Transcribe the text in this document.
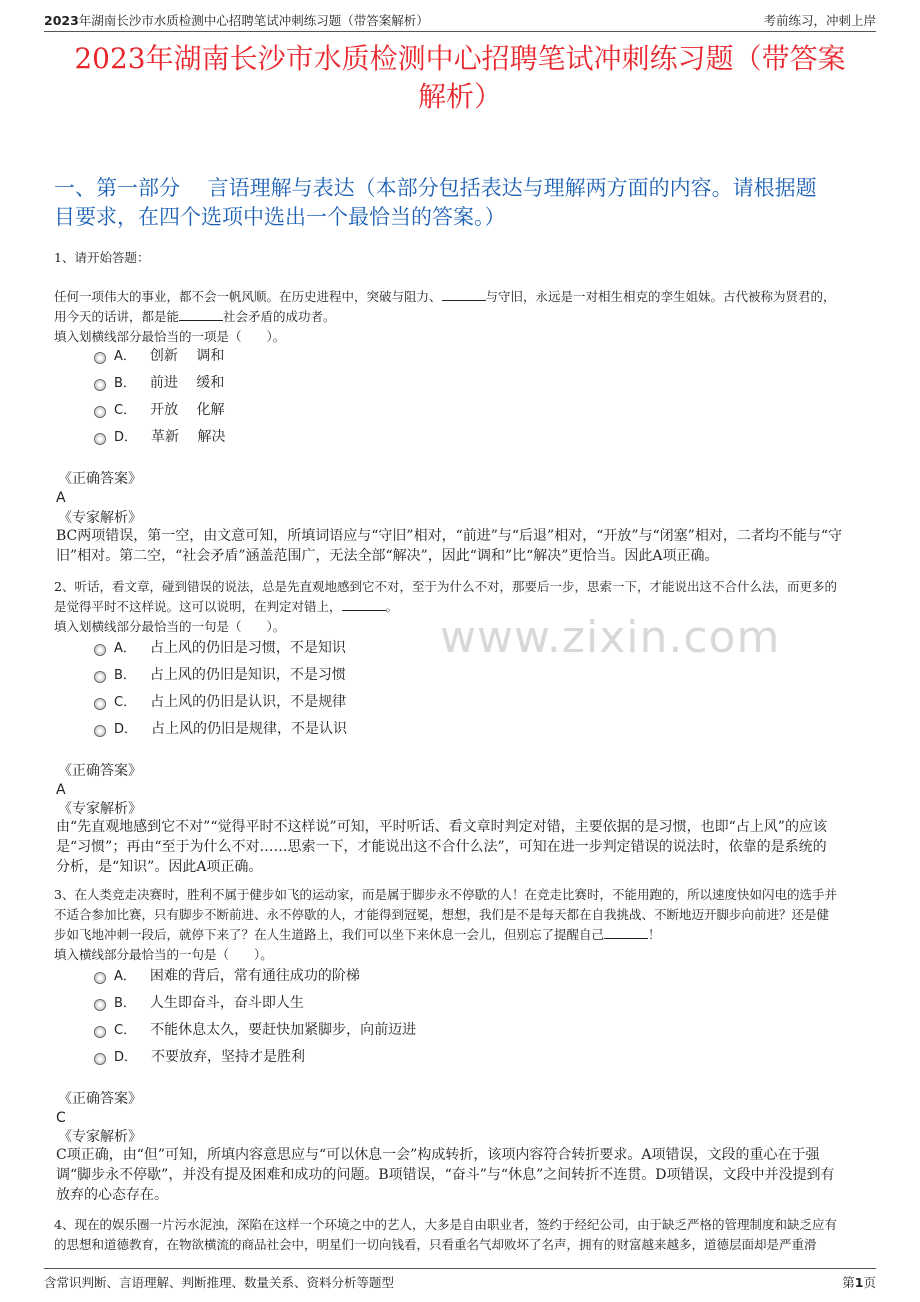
2023年湖南长沙市水质检测中心招聘笔试冲刺练习题（带答案解析）	考前练习，冲刺上岸
2023年湖南长沙市水质检测中心招聘笔试冲刺练习题（带答案
解析）
一、第一部分　 言语理解与表达（本部分包括表达与理解两方面的内容。请根据题
目要求，在四个选项中选出一个最恰当的答案。）
1、请开始答题：

任何一项伟大的事业，都不会一帆风顺。在历史进程中，突破与阻力、	与守旧，永远是一对相生相克的孪生姐妹。古代被称为贤君的，

用今天的话讲，都是能	社会矛盾的成功者。

填入划横线部分最恰当的一项是（　　）。

A． 创新　 调和
B． 前进　 缓和
C． 开放　 化解
D． 革新　 解决
《正确答案》
A
《专家解析》
BC两项错误，第一空，由文意可知，所填词语应与“守旧”相对，“前进”与“后退”相对，“开放”与“闭塞”相对，二者均不能与“守
旧”相对。第二空，“社会矛盾”涵盖范围广，无法全部“解决”，因此“调和”比“解决”更恰当。因此A项正确。

2、听话，看文章，碰到错误的说法，总是先直观地感到它不对，至于为什么不对，那要后一步，思索一下，才能说出这不合什么法，而更多的

是觉得平时不这样说。这可以说明，在判定对错上，	。

填入划横线部分最恰当的一句是（　　）。

A． 占上风的仍旧是习惯，不是知识
B． 占上风的仍旧是知识，不是习惯
C． 占上风的仍旧是认识，不是规律
D． 占上风的仍旧是规律，不是认识
《正确答案》
A
《专家解析》
由“先直观地感到它不对”“觉得平时不这样说”可知，平时听话、看文章时判定对错，主要依据的是习惯，也即“占上风”的应该
是“习惯”；再由“至于为什么不对……思索一下，才能说出这不合什么法”，可知在进一步判定错误的说法时，依靠的是系统的
分析，是“知识”。因此A项正确。
www.zixin.com

3、在人类竞走决赛时，胜利不属于健步如飞的运动家，而是属于脚步永不停歇的人！在竞走比赛时，不能用跑的，所以速度快如闪电的选手并

不适合参加比赛，只有脚步不断前进、永不停歇的人，才能得到冠冕，想想，我们是不是每天都在自我挑战、不断地迈开脚步向前进？还是健

步如飞地冲刺一段后，就停下来了？在人生道路上，我们可以坐下来休息一会儿，但别忘了提醒自己	！

填入横线部分最恰当的一句是（　　）。

A． 困难的背后，常有通往成功的阶梯
B． 人生即奋斗，奋斗即人生
C． 不能休息太久，要赶快加紧脚步，向前迈进
D． 不要放弃，坚持才是胜利
《正确答案》
C
《专家解析》
C项正确，由“但”可知，所填内容意思应与“可以休息一会”构成转折，该项内容符合转折要求。A项错误，文段的重心在于强
调“脚步永不停歇”，并没有提及困难和成功的问题。B项错误，“奋斗”与“休息”之间转折不连贯。D项错误，文段中并没提到有
放弃的心态存在。

4、现在的娱乐圈一片污水泥浊，深陷在这样一个环境之中的艺人，大多是自由职业者，签约于经纪公司，由于缺乏严格的管理制度和缺乏应有

的思想和道德教育，在物欲横流的商品社会中，明星们一切向钱看，只看重名气却败坏了名声，拥有的财富越来越多，道德层面却是严重滑

含常识判断、言语理解、判断推理、数量关系、资料分析等题型	第1页
